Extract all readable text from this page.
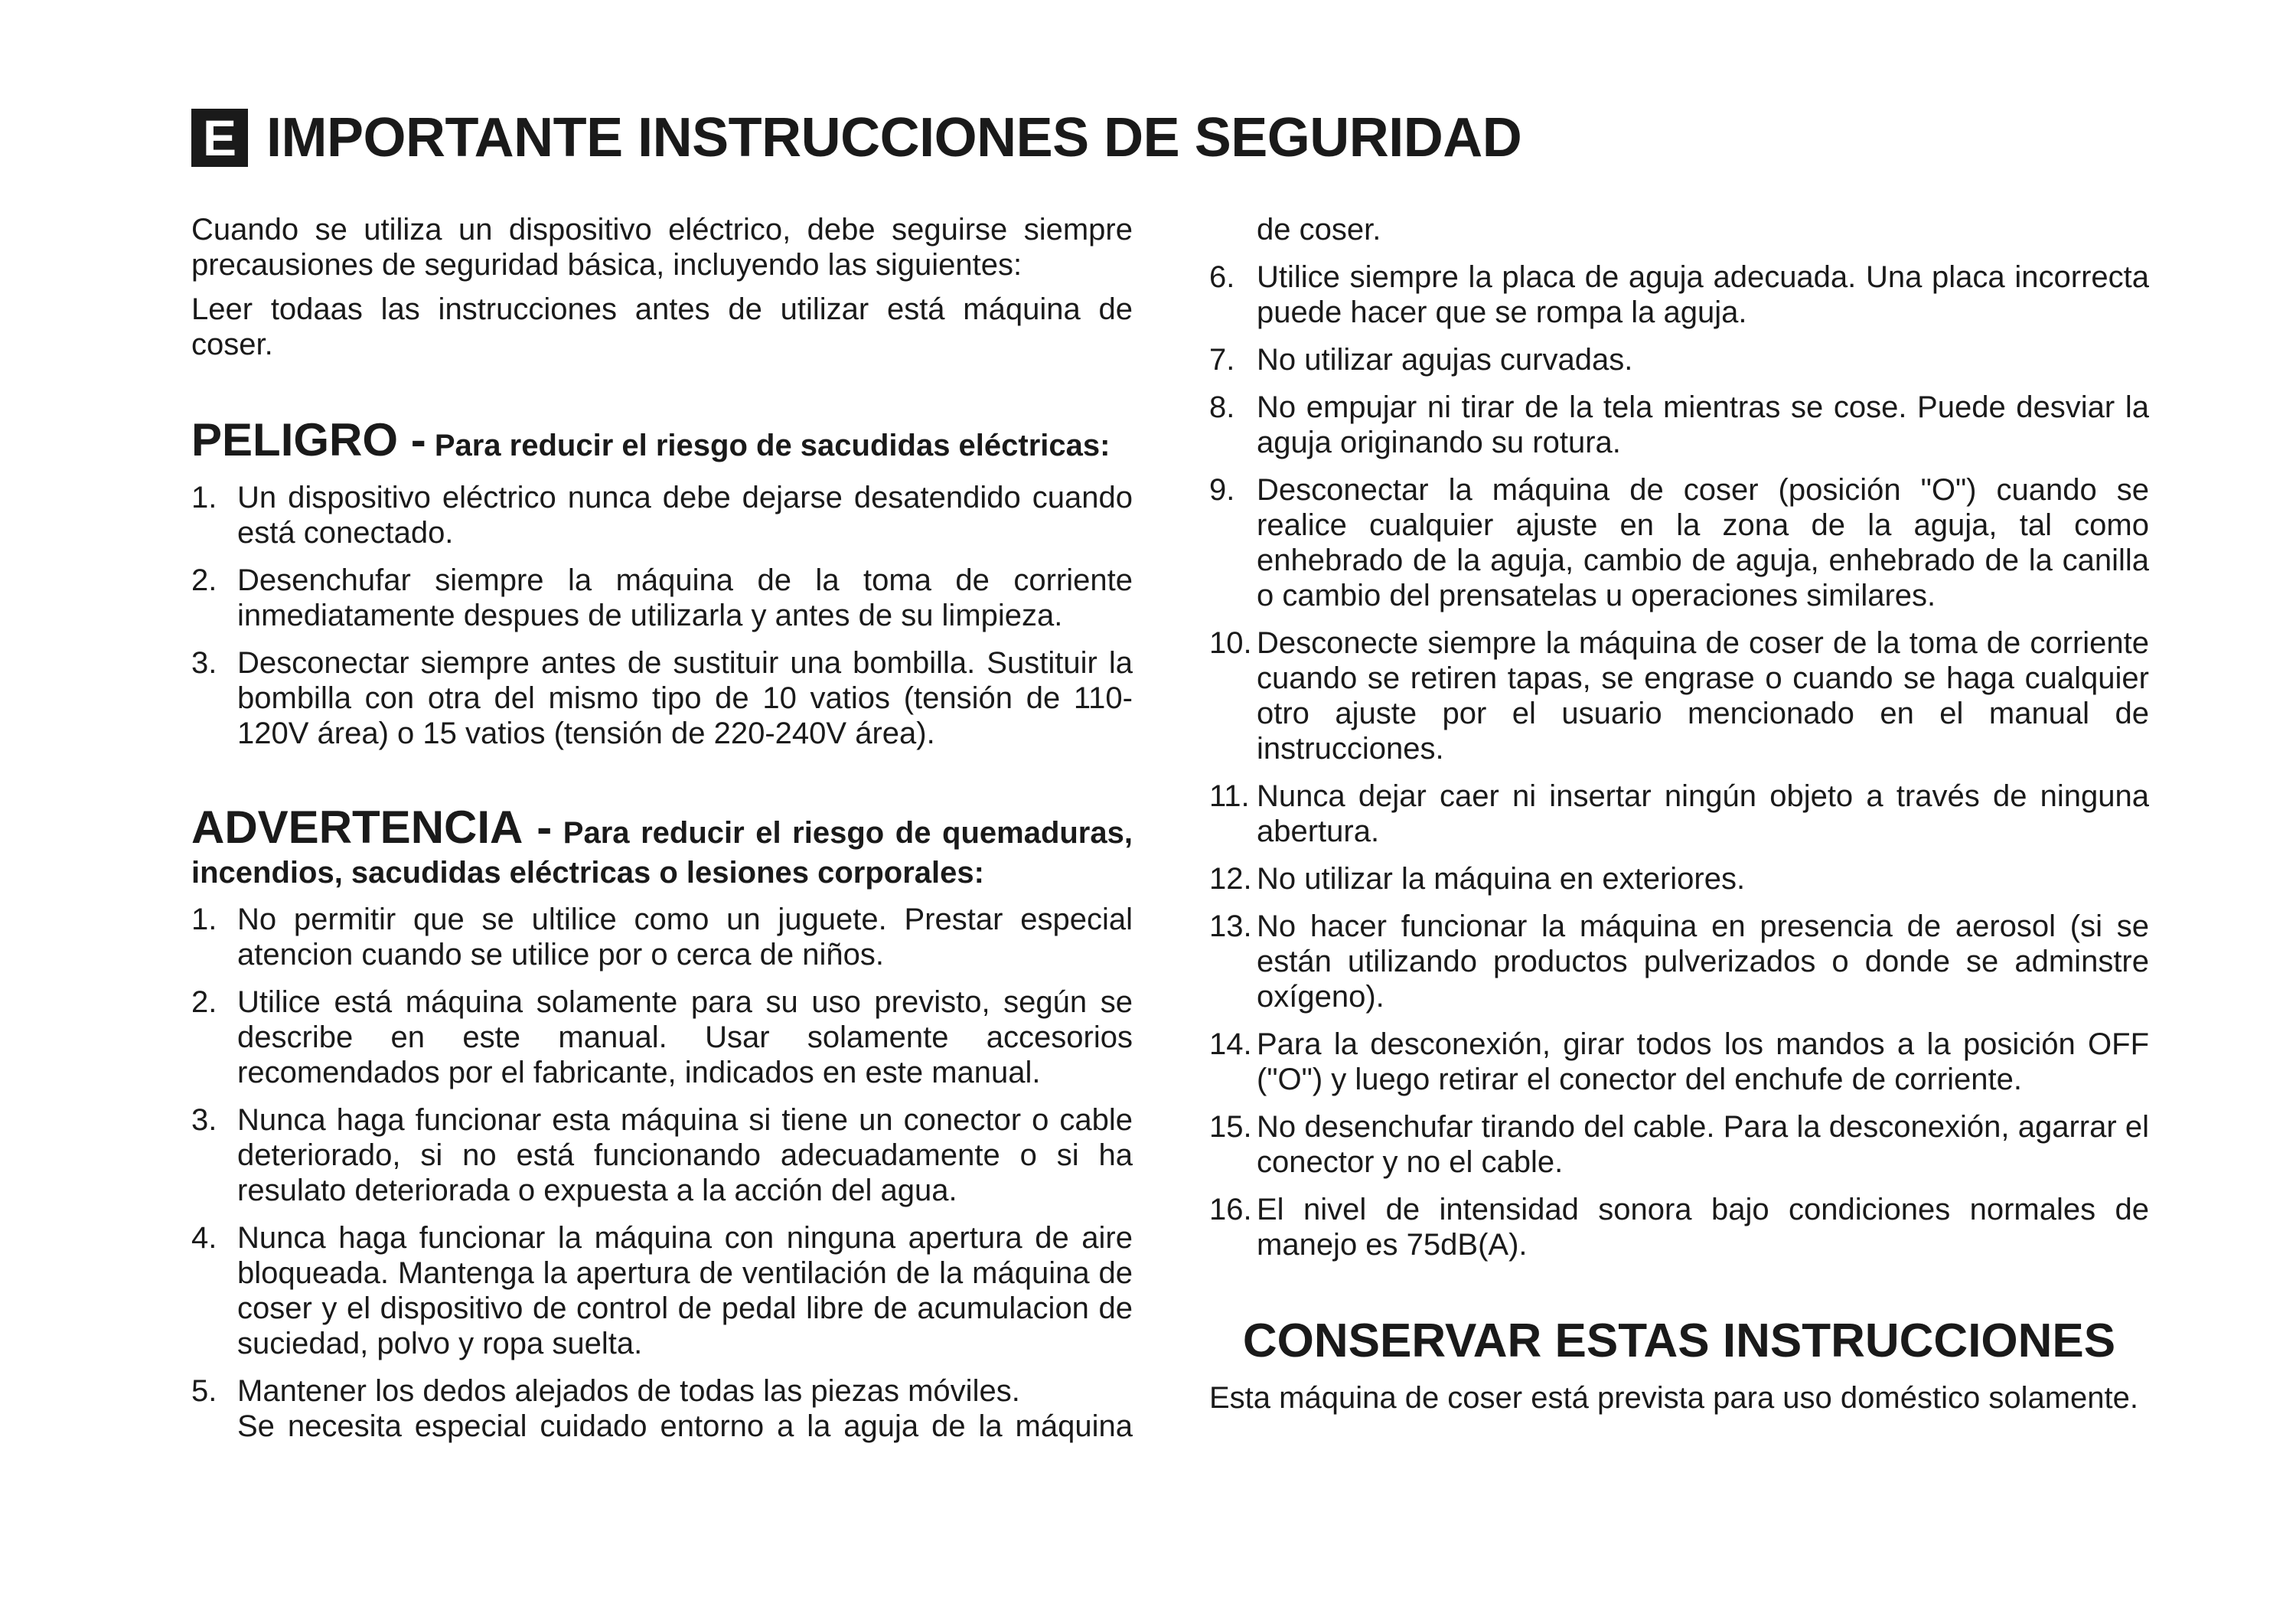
E IMPORTANTE INSTRUCCIONES DE SEGURIDAD

Cuando se utiliza un dispositivo eléctrico, debe seguirse siempre precausiones de seguridad básica, incluyendo las siguientes:

Leer todaas las instrucciones antes de utilizar está máquina de coser.

PELIGRO - Para reducir el riesgo de sacudidas eléctricas:

1. Un dispositivo eléctrico nunca debe dejarse desatendido cuando está conectado.
2. Desenchufar siempre la máquina de la toma de corriente inmediatamente despues de utilizarla y antes de su limpieza.
3. Desconectar siempre antes de sustituir una bombilla. Sustituir la bombilla con otra del mismo tipo de 10 vatios (tensión de 110-120V área) o 15 vatios (tensión de 220-240V área).

ADVERTENCIA - Para reducir el riesgo de quemaduras, incendios, sacudidas eléctricas o lesiones corporales:

1. No permitir que se ultilice como un juguete. Prestar especial atencion cuando se utilice por o cerca de niños.
2. Utilice está máquina solamente para su uso previsto, según se describe en este manual. Usar solamente accesorios recomendados por el fabricante, indicados en este manual.
3. Nunca haga funcionar esta máquina si tiene un conector o cable deteriorado, si no está funcionando adecuadamente o si ha resulato deteriorada o expuesta a la acción del agua.
4. Nunca haga funcionar la máquina con ninguna apertura de aire bloqueada. Mantenga la apertura de ventilación de la máquina de coser y el dispositivo de control de pedal libre de acumulacion de suciedad, polvo y ropa suelta.
5. Mantener los dedos alejados de todas las piezas móviles.
Se necesita especial cuidado entorno a la aguja de la máquina

de coser.

6. Utilice siempre la placa de aguja adecuada. Una placa incorrecta puede hacer que se rompa la aguja.
7. No utilizar agujas curvadas.
8. No empujar ni tirar de la tela mientras se cose. Puede desviar la aguja originando su rotura.
9. Desconectar la máquina de coser (posición "O") cuando se realice cualquier ajuste en la zona de la aguja, tal como enhebrado de la aguja, cambio de aguja, enhebrado de la canilla o cambio del prensatelas u operaciones similares.
10. Desconecte siempre la máquina de coser de la toma de corriente cuando se retiren tapas, se engrase o cuando se haga cualquier otro ajuste por el usuario mencionado en el manual de instrucciones.
11. Nunca dejar caer ni insertar ningún objeto a través de ninguna abertura.
12. No utilizar la máquina en exteriores.
13. No hacer funcionar la máquina en presencia de aerosol (si se están utilizando productos pulverizados o donde se adminstre oxígeno).
14. Para la desconexión, girar todos los mandos a la posición OFF ("O") y luego retirar el conector del enchufe de corriente.
15. No desenchufar tirando del cable. Para la desconexión, agarrar el conector y no el cable.
16. El nivel de intensidad sonora bajo condiciones normales de manejo es 75dB(A).
CONSERVAR ESTAS INSTRUCCIONES

Esta máquina de coser está prevista para uso doméstico solamente.
